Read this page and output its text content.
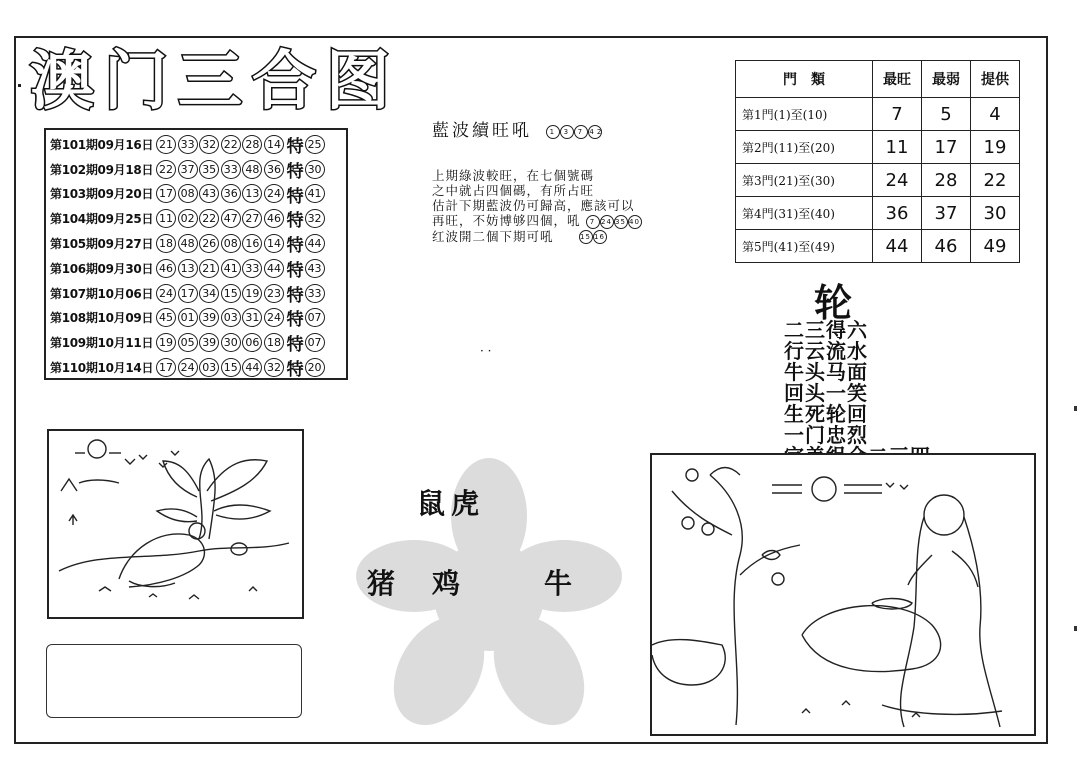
澳门三合图
第101期09月16日 21 33 32 22 28 14 特 25
第102期09月18日 22 37 35 33 48 36 特 30
第103期09月20日 17 08 43 36 13 24 特 41
第104期09月25日 11 02 22 47 27 46 特 32
第105期09月27日 18 48 26 08 16 14 特 44
第106期09月30日 46 13 21 41 33 44 特 43
第107期10月06日 24 17 34 15 19 23 特 33
第108期10月09日 45 01 39 03 31 24 特 07
第109期10月11日 19 05 39 30 06 18 特 07
第110期10月14日 17 24 03 15 44 32 特 20
藍波續旺吼	1 3 7 42
上期綠波較旺，在七個號碼
之中就占四個碼，有所占旺
估計下期藍波仍可歸高，應該可以
再旺，不妨博够四個，吼 7 24 35 40
红波開二個下期可吼	15 16
· ·
門　類	最旺	最弱	提供
第1門(1)至(10)	7	5	4
第2門(11)至(20)	11	17	19
第3門(21)至(30)	24	28	22
第4門(31)至(40)	36	37	30
第5門(41)至(49)	44	46	49
轮
二三得六
行云流水
牛头马面
回头一笑
生死轮回
一门忠烈
鼠虎
猪 鸡	牛
